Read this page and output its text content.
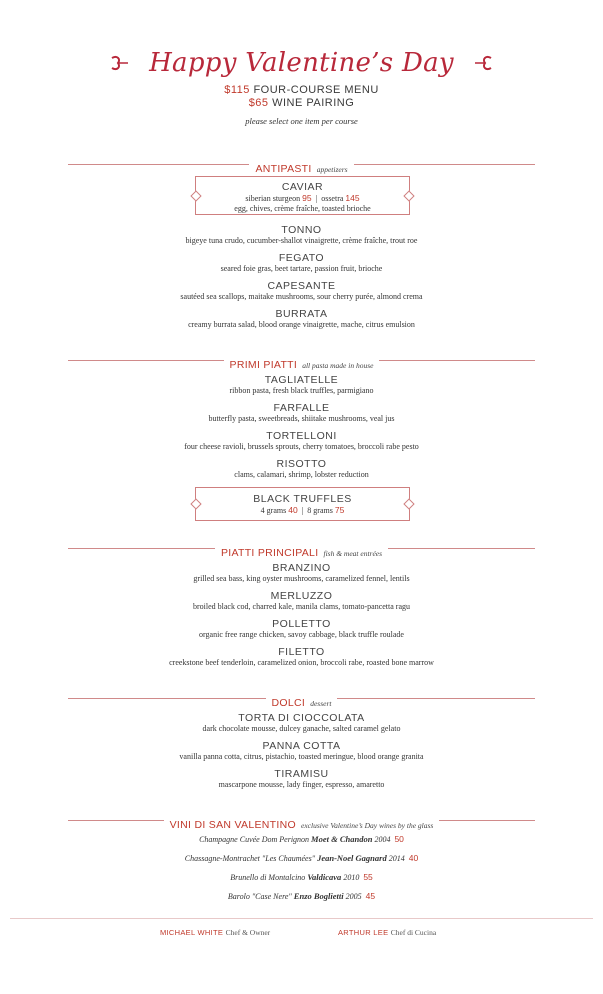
Happy Valentine’s Day
$115 FOUR-COURSE MENU
$65 WINE PAIRING
please select one item per course
ANTIPASTI appetizers
CAVIAR
siberian sturgeon 95 | ossetra 145
egg, chives, crème fraîche, toasted brioche
TONNO
bigeye tuna crudo, cucumber-shallot vinaigrette, crème fraîche, trout roe
FEGATO
seared foie gras, beet tartare, passion fruit, brioche
CAPESANTE
sautéed sea scallops, maitake mushrooms, sour cherry purée, almond crema
BURRATA
creamy burrata salad, blood orange vinaigrette, mache, citrus emulsion
PRIMI PIATTI all pasta made in house
TAGLIATELLE
ribbon pasta, fresh black truffles, parmigiano
FARFALLE
butterfly pasta, sweetbreads, shiitake mushrooms, veal jus
TORTELLONI
four cheese ravioli, brussels sprouts, cherry tomatoes, broccoli rabe pesto
RISOTTO
clams, calamari, shrimp, lobster reduction
BLACK TRUFFLES
4 grams 40 | 8 grams 75
PIATTI PRINCIPALI fish & meat entrées
BRANZINO
grilled sea bass, king oyster mushrooms, caramelized fennel, lentils
MERLUZZO
broiled black cod, charred kale, manila clams, tomato-pancetta ragu
POLLETTO
organic free range chicken, savoy cabbage, black truffle roulade
FILETTO
creekstone beef tenderloin, caramelized onion, broccoli rabe, roasted bone marrow
DOLCI dessert
TORTA DI CIOCCOLATA
dark chocolate mousse, dulcey ganache, salted caramel gelato
PANNA COTTA
vanilla panna cotta, citrus, pistachio, toasted meringue, blood orange granita
TIRAMISU
mascarpone mousse, lady finger, espresso, amaretto
VINI DI SAN VALENTINO exclusive Valentine’s Day wines by the glass
Champagne Cuvée Dom Perignon Moet & Chandon 2004 50
Chassagne-Montrachet "Les Chaumées" Jean-Noel Gagnard 2014 40
Brunello di Montalcino Valdicava 2010 55
Barolo "Case Nere" Enzo Boglietti 2005 45
MICHAEL WHITE Chef & Owner	ARTHUR LEE Chef di Cucina
